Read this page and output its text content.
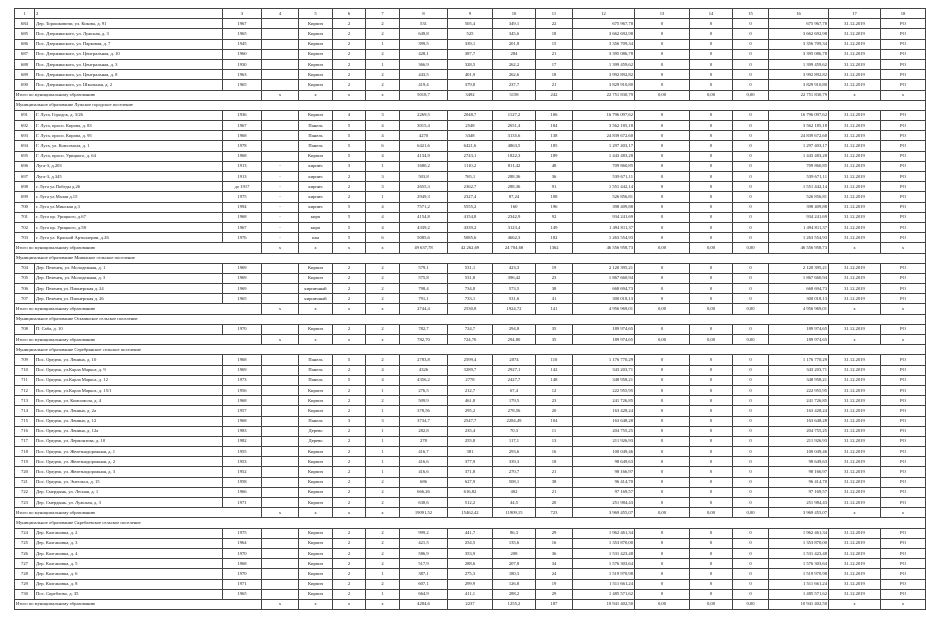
1	2	3	4	5	6	7	8	9	10	11	12	13	14	15	16	17	18
684	Дер. Торошковичи, ул. Кокова, д. 91	1967		Кирпич	2	2	531	505,4	349,1	22	675 967,78	0	0	0	675 967,78	31.12.2019	РО
685	Пос. Дзержинского, ул. Лужская, д. 3	1965		Кирпич	2	2	649,8	525	345,6	18	3 662 692,98	0	0	0	3 662 692,98	31.12.2019	РО
686	Пос. Дзержинского, ул. Парковая, д. 7	1945		Кирпич	2	1	399,5	339,1	201,8	15	3 356 709,34	0	0	0	3 356 709,34	31.12.2019	РО
687	Пос. Дзержинского, ул. Центральная, д. 10	1960		Кирпич	2	2	428,1	387,7	284	21	3 395 086,78	0	0	0	3 395 086,78	31.12.2019	РО
688	Пос. Дзержинского, ул. Центральная, д. 3	1930		Кирпич	2	1	366,9	328,5	262,2	17	1 399 459,62	0	0	0	1 399 459,62	31.12.2019	РО
689	Пос. Дзержинского, ул. Центральная, д. 8	1963		Кирпич	2	2	443,5	401,9	262,6	18	3 992 892,82	0	0	0	3 992 892,82	31.12.2019	РО
690	Пос. Дзержинского, ул. Школьная, д. 2	1965		Кирпич	2	2	419,4	379,8	237,7	21	3 829 910,80	0	0	0	3 829 910,80	31.12.2019	РО
Итого по муниципальному образованию			x	x	x	x	5018,7	3492	3158	242	22 751 830,79	0,00	0,00	0,00	22 751 830,79	x	x
Муниципальное образование Лужское городское поселение																	
691	Г. Луга, Городок, д. 3/26	1936		Кирпич	4	3	2269,5	2048,7	1127,2	106	16 796 097,62	0	0	0	16 796 097,62	31.12.2019	РО
692	Г. Луга, просп. Кирова, д. 83	1967		Панель	5	4	3015,4	2548	2651,4	184	3 562 185,18	0	0	0	3 562 185,18	31.12.2019	РО
693	Г. Луга, просп. Кирова, д. 95	1968		Панель	5	4	4270	3348	3135,6	138	24 839 672,60	0	0	0	24 839 672,60	31.12.2019	РО
694	Г. Луга, ул. Комсомола, д. 1	1978		Панель	5	6	6421,6	6421,6	4863,5	185	1 297 403,17	0	0	0	1 297 403,17	31.12.2019	РО
695	Г. Луга, просп. Урицкого, д. 64	1968		Кирпич	5	4	4134,9	2743,1	1822,3	189	1 443 483,28	0	0	0	1 443 483,28	31.12.2019	РО
696	Луга-3, д.203	1913	-	кирпич	3	1	1680,2	1110,2	811,42	48	709 860,85	0	0	0	709 860,85	31.12.2019	РО
697	Луга-3, д.345	1913	-	кирпич	2	3	503,8	765,1	288,36	36	539 671,11	0	0	0	539 671,11	31.12.2019	РО
698	г. Луга ул.Победы д.26	до 1917	-	кирпич	2	3	2655,3	2362,7	288,36	91	1 551 442,14	0	0	0	1 551 442,14	31.12.2019	РО
699	г. Луга ул.Малая д.15	1975	-	кирпич	2	1	2949,3	2327,4	87,24	108	526 856,81	0	0	0	526 856,81	31.12.2019	РО
700	г. Луга ул.Минская д.3	1994	-	кирпич	5	4	7571,2	5555,2	160	196	398 409,88	0	0	0	398 409,88	31.12.2019	РО
701	г. Луга пр. Урицкого, д.67	1968	-	кирп	5	4	4154,8	4154,8	2342,9	92	934 241,69	0	0	0	934 241,69	31.12.2019	РО
702	г. Луга пр. Урицкого, д.58	1967	-	кирп	5	4	4339,2	4339,2	3123,4	149	1 494 811,37	0	0	0	1 494 811,37	31.12.2019	РО
703	г. Луга ул. Красной Артиллерии, д.26	1976	-	пан	5	6	5085,6	5085,6	4662,3	182	1 263 554,93	0	0	0	1 263 554,93	31.12.2019	РО
Итого по муниципальному образованию			x	x	x	x	49 637,78	42 262,69	24 704,68	1362	46 556 958,73	0,00	0,00	0,00	46 556 958,73	x	x
Муниципальное образование Мшинское сельское поселение																	
704	Дер. Пехенец, ул. Молодежная, д. 1	1969		Кирпич	2	2	579,1	531,1	423,3	19	2 120 395,21	0	0	0	2 120 395,21	31.12.2019	РО
705	Дер. Пехенец, ул. Молодежная, д. 3	1969		Кирпич	2	2	575,8	531,8	396,42	23	1 867 660,94	0	0	0	1 867 660,94	31.12.2019	РО
706	Дер. Пехенец ул. Пионерская д. 24	1969		кирпичный	2	2	798,4	734,8	573,5	38	668 694,73	0	0	0	668 694,73	31.12.2019	РО
707	Дер. Пехенец ул. Пионерская д. 26	1965		кирпичный	2	2	791,1	733,1	531,6	41	300 018,13	0	0	0	300 018,13	31.12.2019	РО
Итого по муниципальному образованию			x	x	x	x	2744,4	2530,8	1924,72	141	4 956 969,01	0,00	0,00	0,00	4 956 969,01	x	x
Муниципальное образование Осьминское сельское поселение																	
708	П. Саба, д. 10	1970		Кирпич	2	2	782,7	724,7	294,8	35	189 974,65	0	0	0	189 974,65	31.12.2019	РО
Итого по муниципальному образованию			x	x	x	x	782,70	724,70	294,80	35	189 974,65	0,00	0,00	0,00	189 974,65	x	x
Муниципальное образование Серебрянское сельское поселение																	
709	Пос. Оредеж, ул. Ленина, д. 10	1968		Панель	5	2	2783,8	2599,4	2074	110	1 176 770,29	0	0	0	1 176 770,29	31.12.2019	РО
710	Пос. Оредеж, ул.Карла Маркса, д. 9	1969		Панель	2	4	4326	3289,7	2927,1	142	343 203,71	0	0	0	343 203,71	31.12.2019	РО
711	Пос. Оредеж, ул.Карла Маркса, д. 12	1973		Панель	5	4	4356,2	2778	2427,7	148	348 958,21	0	0	0	348 958,21	31.12.2019	РО
712	Пос. Оредеж, ул.Карла Маркса, д. 15/1	1956		Кирпич	2	1	276,5	212,7	67,4	12	222 955,95	0	0	0	222 955,95	31.12.2019	РО
713	Пос. Оредеж, ул. Комсомола, д. 4	1968		Кирпич	2	2	509,9	461,8	179,5	23	241 726,85	0	0	0	241 726,85	31.12.2019	РО
714	Пос. Оредеж, ул. Ленина, д. 2а	1957		Кирпич	2	1	378,56	295,2	278,56	20	163 428,24	0	0	0	163 428,24	31.12.2019	РО
715	Пос. Оредеж, ул. Ленина, д. 12	1968		Панель	3	3	3734,7	2547,7	2284,49	104	163 648,28	0	0	0	163 648,28	31.12.2019	РО
716	Пос. Оредеж, ул. Ленина, д. 12а	1983		Дерево	2	1	282,8	235,4	70,3	11	204 755,25	0	0	0	204 755,25	31.12.2019	РО
717	Пос. Оредеж, ул. Лермонтова, д. 10	1982		Дерево	2	1	278	255,8	117,1	13	211 926,93	0	0	0	211 926,93	31.12.2019	РО
718	Пос. Оредеж, ул. Железнодорожная, д. 1	1955		Кирпич	2	1	416,7	381	293,6	16	100 049,46	0	0	0	100 049,46	31.12.2019	РО
719	Пос. Оредеж, ул. Железнодорожная, д. 2	1953		Кирпич	2	1	416,6	377,9	339,3	18	98 649,63	0	0	0	98 649,63	31.12.2019	РО
720	Пос. Оредеж, ул. Железнодорожная, д. 3	1952		Кирпич	2	1	416,6	371,8	270,7	21	98 166,97	0	0	0	98 166,97	31.12.2019	РО
721	Пос. Оредеж, ул. Энгельса, д. 15	1958		Кирпич	2	2	686	627,9	508,1	38	96 414,70	0	0	0	96 414,70	31.12.2019	РО
722	Дер. Смердынь, ул. Лесная, д. 1	1966		Кирпич	2	2	666,26	616,82	402	21	97 169,57	0	0	0	97 169,57	31.12.2019	РО
723	Дер. Смердынь, ул. Лужская, д. 3	1971		Кирпич	2	2	630,6	512,2	44,5	20	251 984,43	0	0	0	251 984,43	31.12.2019	РО
Итого по муниципальному образованию			x	x	x	x	19091,52	15462,42	11909,15	723	3 969 455,07	0,00	0,00	0,00	3 969 455,07	x	x
Муниципальное образование Скреблевское сельское поселение																	
724	Дер. Калгановка, д. 2	1975		Кирпич	2	2	999,2	441,7	86,3	29	1 962 461,34	0	0	0	1 962 461,34	31.12.2019	РО
725	Дер. Калгановка, д. 3	1964		Кирпич	2	2	421,5	254,5	135,6	16	1 353 870,00	0	0	0	1 353 870,00	31.12.2019	РО
726	Дер. Калгановка, д. 4	1970		Кирпич	2	2	586,9	353,9	208	36	1 531 423,48	0	0	0	1 531 423,48	31.12.2019	РО
727	Дер. Калгановка, д. 5	1968		Кирпич	2	2	517,9	288,6	207,8	34	1 576 303,64	0	0	0	1 576 303,64	31.12.2019	РО
728	Дер. Калгановка, д. 6	1970		Кирпич	2	1	387,1	275,3	180,3	24	1 519 970,98	0	0	0	1 519 970,98	31.12.2019	РО
729	Дер. Калгановка, д. 8	1971		Кирпич	2	2	607,1	299,9	126,8	19	1 511 661,24	0	0	0	1 511 661,24	31.12.2019	РО
730	Пос. Скреблово, д. 35	1965		Кирпич	2	1	664,9	411,1	288,2	29	1 485 571,62	0	0	0	1 485 571,62	31.12.2019	РО
Итого по муниципальному образованию			x	x	x	x	4284,6	2237	1255,2	187	10 941 402,50	0,00	0,00	0,00	10 941 402,50	x	x
